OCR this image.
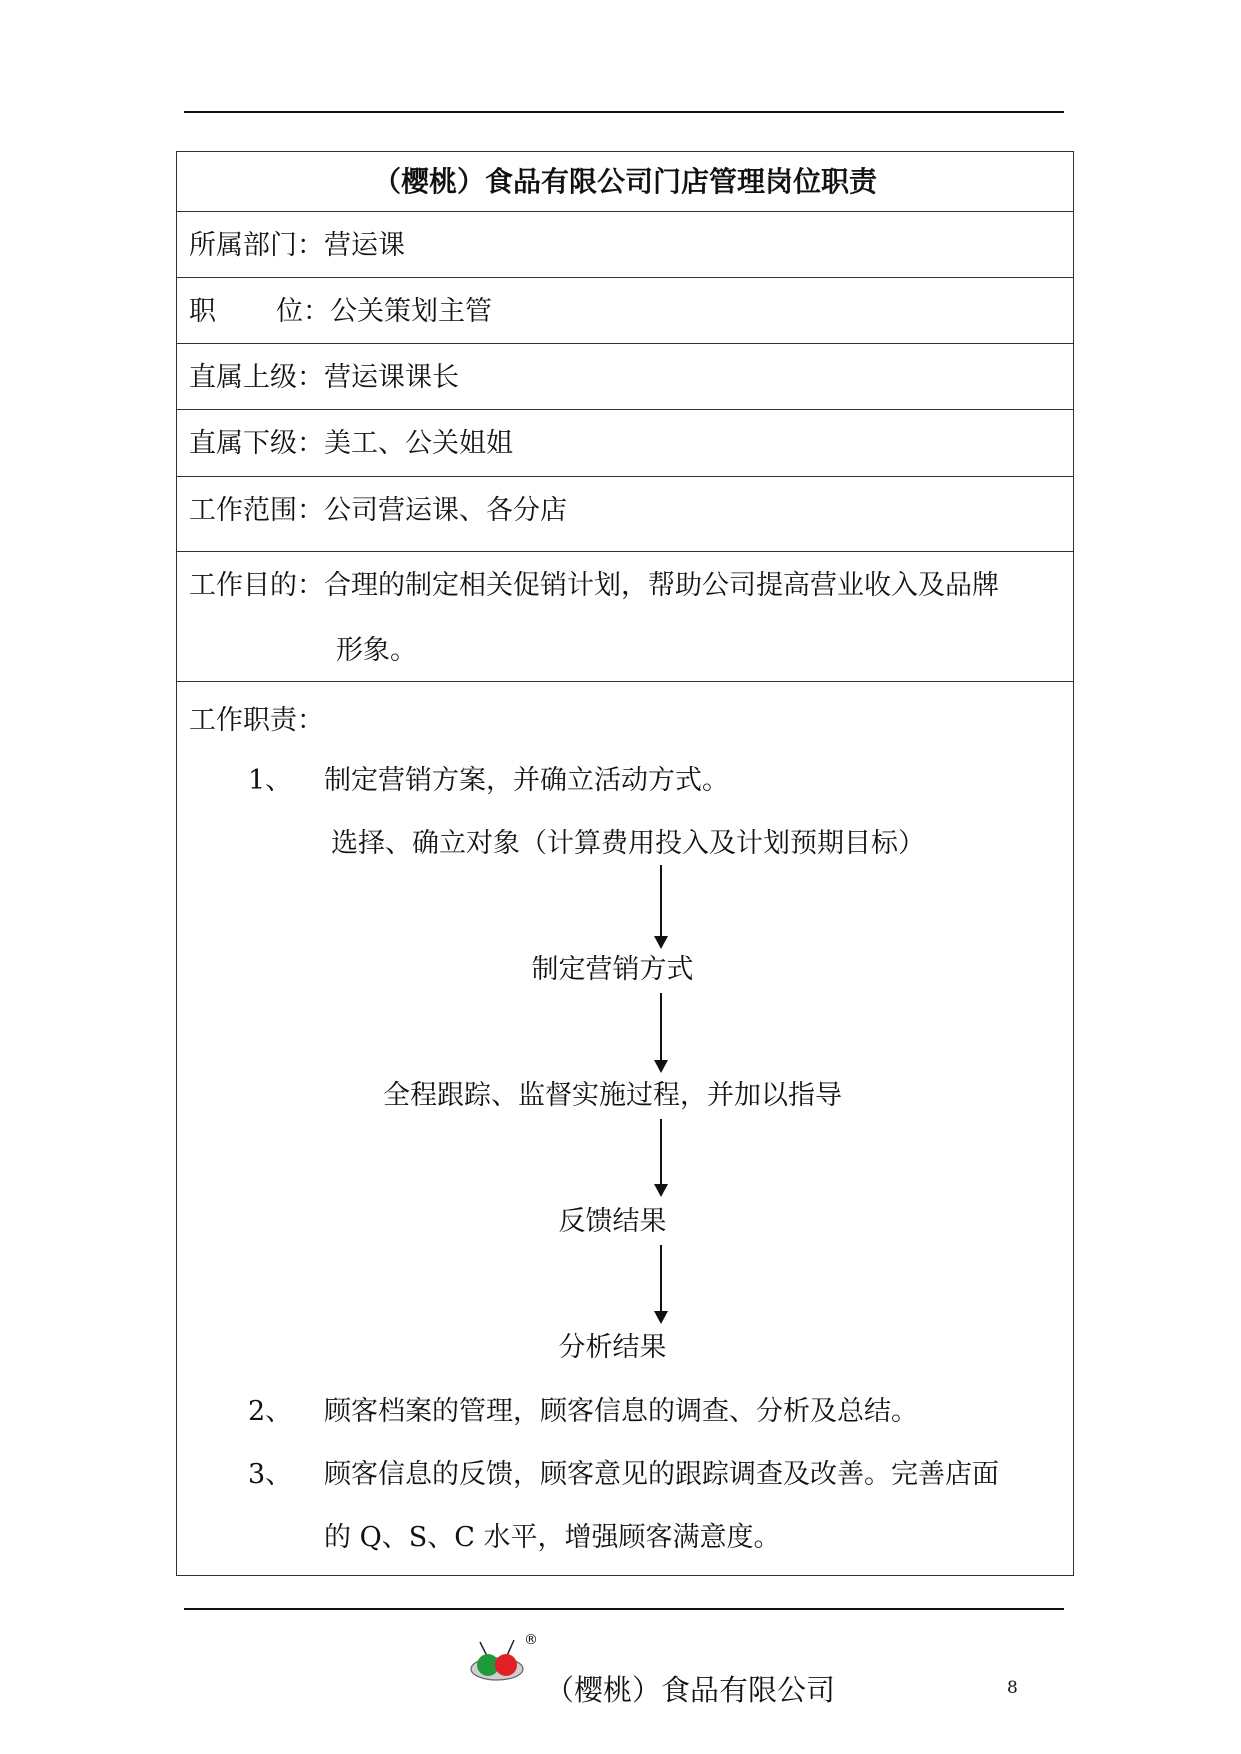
（樱桃）食品有限公司门店管理岗位职责
所属部门：营运课
职 位：公关策划主管
直属上级：营运课课长
直属下级：美工、公关姐姐
工作范围：公司营运课、各分店
工作目的：合理的制定相关促销计划，帮助公司提高营业收入及品牌
形象。
工作职责：
1、 制定营销方案，并确立活动方式。
选择、确立对象（计算费用投入及计划预期目标）
制定营销方式
全程跟踪、监督实施过程，并加以指导
反馈结果
分析结果
2、 顾客档案的管理，顾客信息的调查、分析及总结。
3、 顾客信息的反馈，顾客意见的跟踪调查及改善。完善店面
的 Q、S、C 水平，增强顾客满意度。
®
（樱桃）食品有限公司	8
